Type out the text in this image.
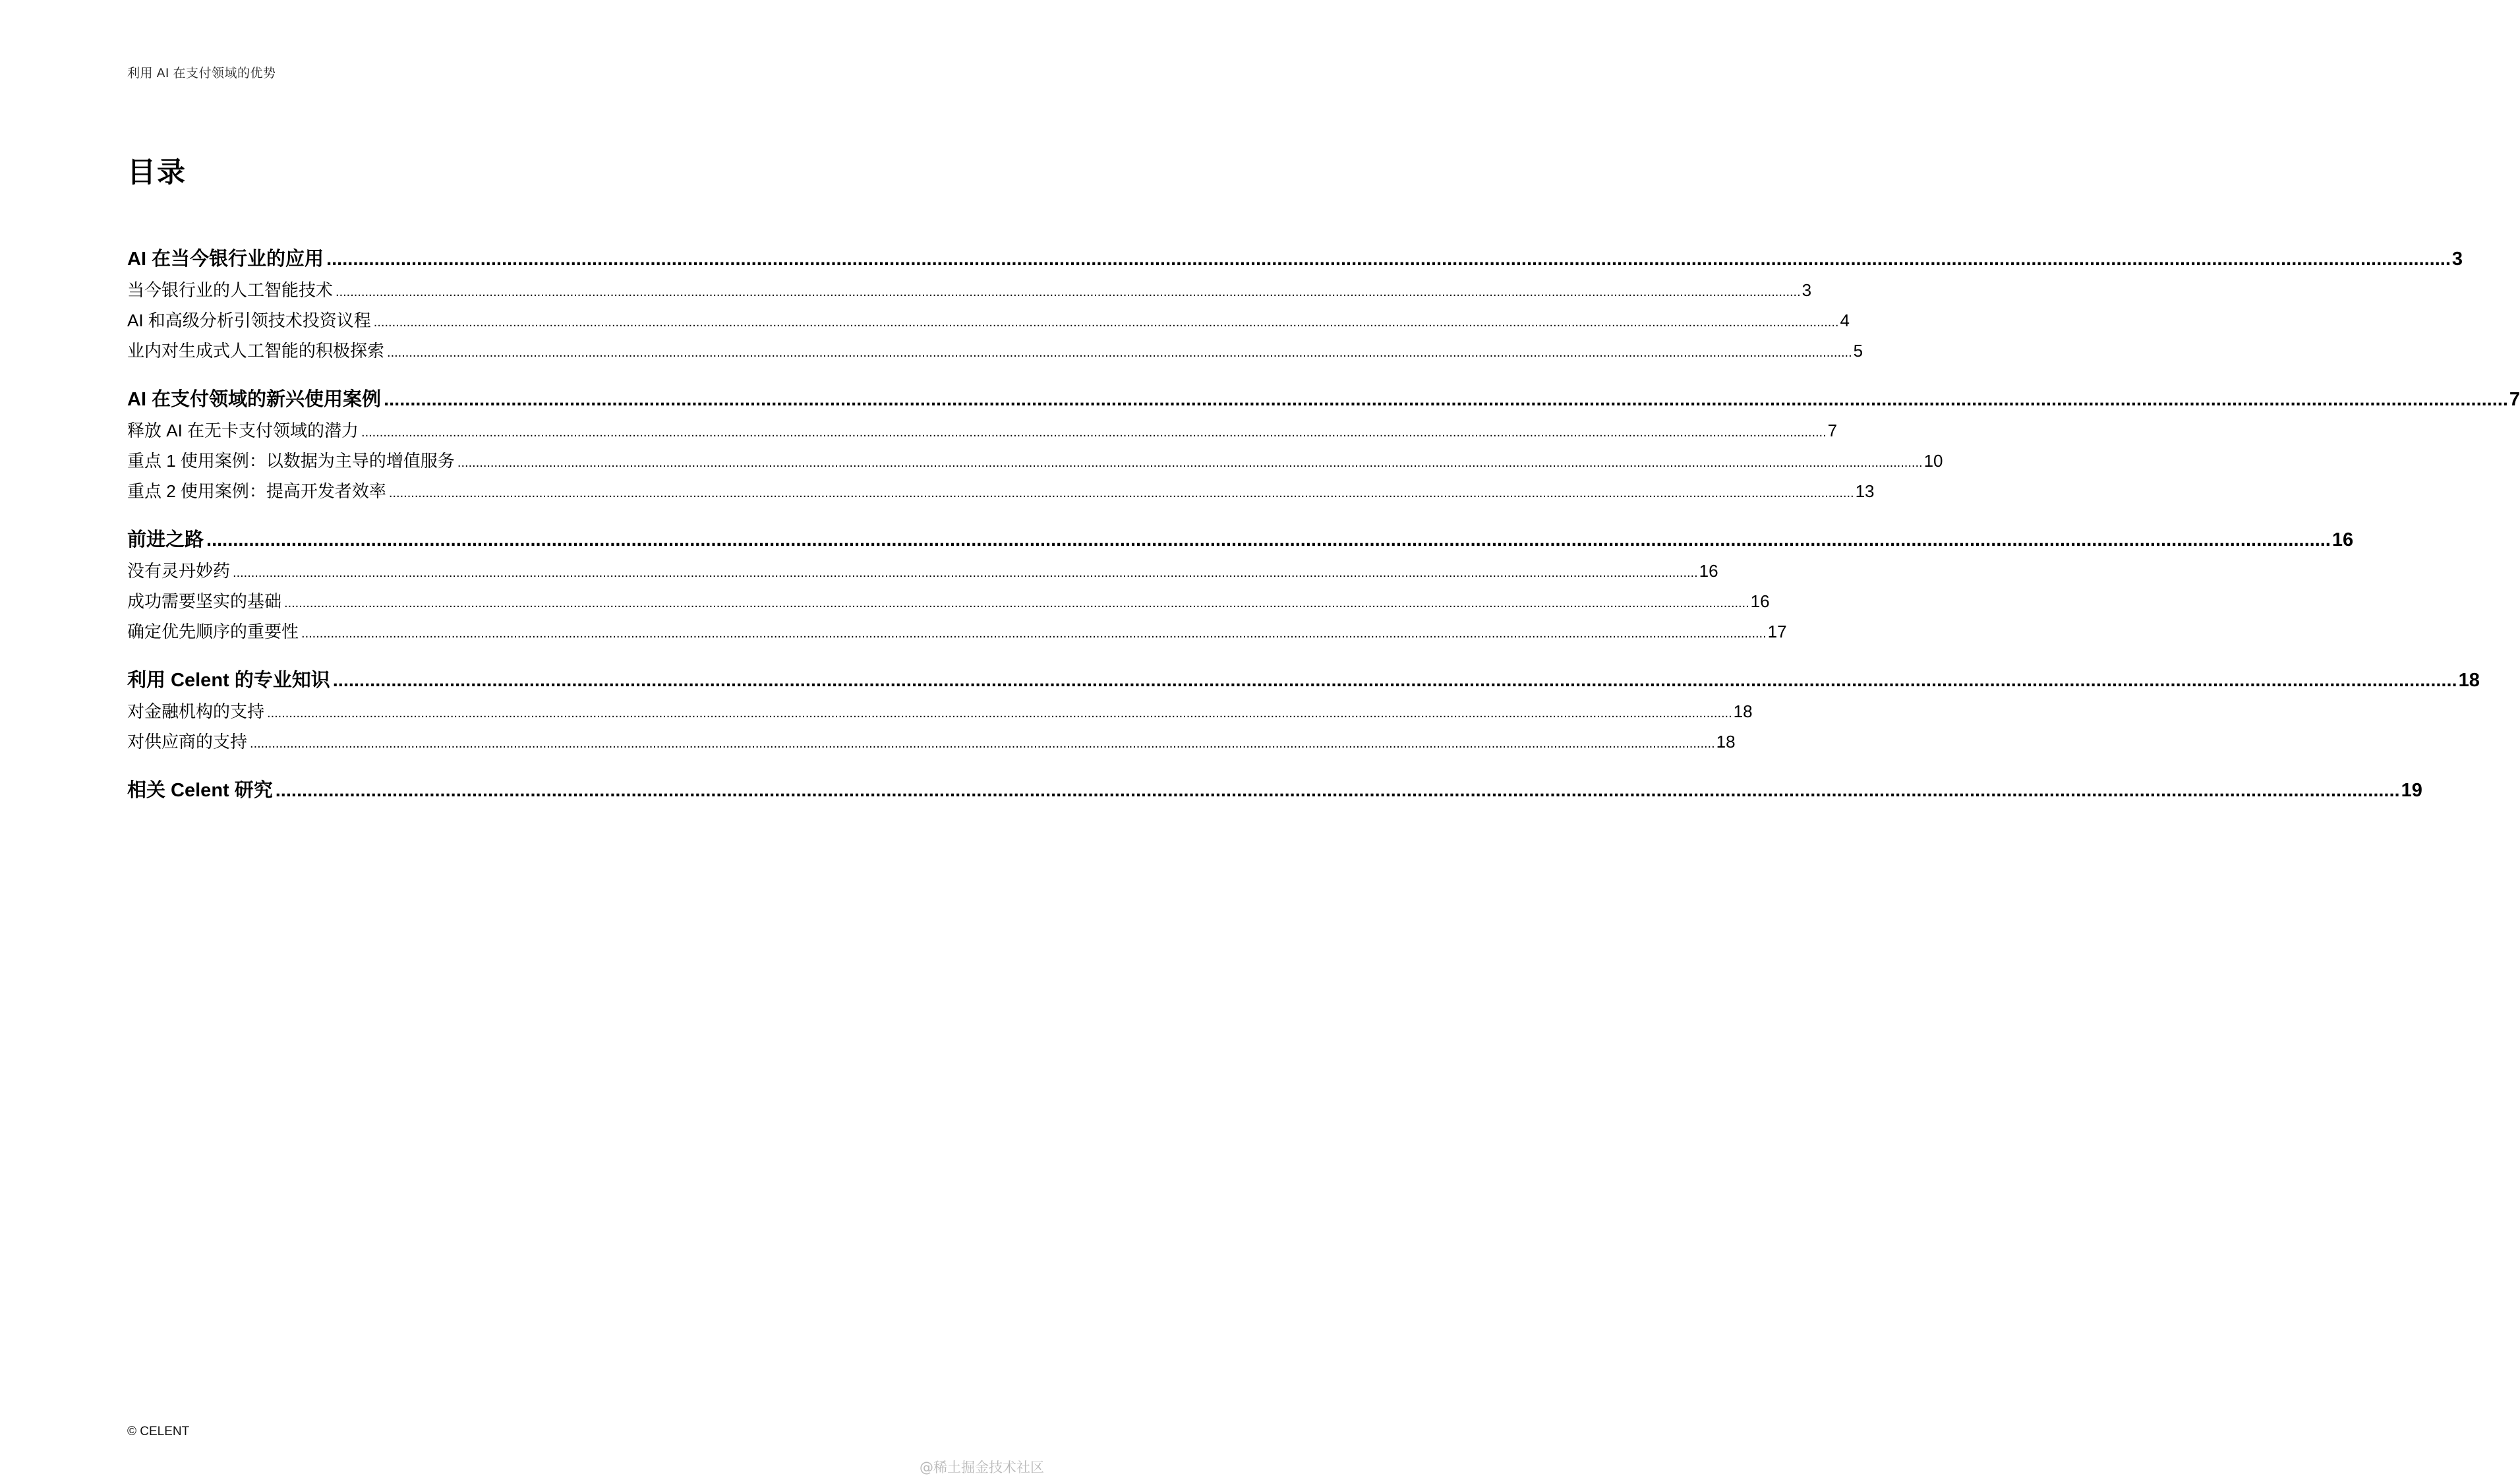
利用 AI 在支付领域的优势
目录
AI 在当今银行业的应用 ................................................................................................................................................................................................................................................................................................................................................................................................................ 3
当今银行业的人工智能技术 ................................................................................................................................................................................................................................................................................................................................................................................................................ 3
AI 和高级分析引领技术投资议程 ................................................................................................................................................................................................................................................................................................................................................................................................................ 4
业内对生成式人工智能的积极探索 ................................................................................................................................................................................................................................................................................................................................................................................................................ 5
AI 在支付领域的新兴使用案例 ................................................................................................................................................................................................................................................................................................................................................................................................................ 7
释放 AI 在无卡支付领域的潜力 ................................................................................................................................................................................................................................................................................................................................................................................................................ 7
重点 1 使用案例：以数据为主导的增值服务 ................................................................................................................................................................................................................................................................................................................................................................................................................ 10
重点 2 使用案例：提高开发者效率 ................................................................................................................................................................................................................................................................................................................................................................................................................ 13
前进之路 ................................................................................................................................................................................................................................................................................................................................................................................................................ 16
没有灵丹妙药 ................................................................................................................................................................................................................................................................................................................................................................................................................ 16
成功需要坚实的基础 ................................................................................................................................................................................................................................................................................................................................................................................................................ 16
确定优先顺序的重要性 ................................................................................................................................................................................................................................................................................................................................................................................................................ 17
利用 Celent 的专业知识 ................................................................................................................................................................................................................................................................................................................................................................................................................ 18
对金融机构的支持 ................................................................................................................................................................................................................................................................................................................................................................................................................ 18
对供应商的支持 ................................................................................................................................................................................................................................................................................................................................................................................................................ 18
相关 Celent 研究 ................................................................................................................................................................................................................................................................................................................................................................................................................ 19
© CELENT
@稀土掘金技术社区
